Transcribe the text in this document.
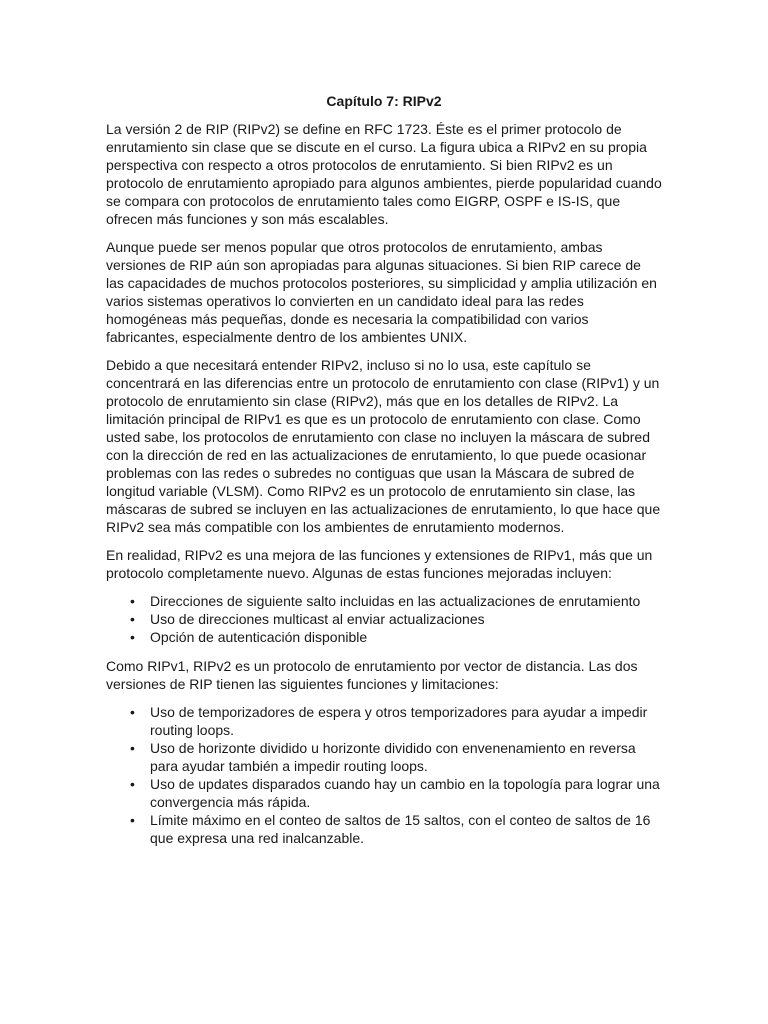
Capítulo 7: RIPv2

La versión 2 de RIP (RIPv2) se define en RFC 1723. Éste es el primer protocolo de enrutamiento sin clase que se discute en el curso. La figura ubica a RIPv2 en su propia perspectiva con respecto a otros protocolos de enrutamiento. Si bien RIPv2 es un protocolo de enrutamiento apropiado para algunos ambientes, pierde popularidad cuando se compara con protocolos de enrutamiento tales como EIGRP, OSPF e IS-IS, que ofrecen más funciones y son más escalables.

Aunque puede ser menos popular que otros protocolos de enrutamiento, ambas versiones de RIP aún son apropiadas para algunas situaciones. Si bien RIP carece de las capacidades de muchos protocolos posteriores, su simplicidad y amplia utilización en varios sistemas operativos lo convierten en un candidato ideal para las redes homogéneas más pequeñas, donde es necesaria la compatibilidad con varios fabricantes, especialmente dentro de los ambientes UNIX.

Debido a que necesitará entender RIPv2, incluso si no lo usa, este capítulo se concentrará en las diferencias entre un protocolo de enrutamiento con clase (RIPv1) y un protocolo de enrutamiento sin clase (RIPv2), más que en los detalles de RIPv2. La limitación principal de RIPv1 es que es un protocolo de enrutamiento con clase. Como usted sabe, los protocolos de enrutamiento con clase no incluyen la máscara de subred con la dirección de red en las actualizaciones de enrutamiento, lo que puede ocasionar problemas con las redes o subredes no contiguas que usan la Máscara de subred de longitud variable (VLSM). Como RIPv2 es un protocolo de enrutamiento sin clase, las máscaras de subred se incluyen en las actualizaciones de enrutamiento, lo que hace que RIPv2 sea más compatible con los ambientes de enrutamiento modernos.

En realidad, RIPv2 es una mejora de las funciones y extensiones de RIPv1, más que un protocolo completamente nuevo. Algunas de estas funciones mejoradas incluyen:

• Direcciones de siguiente salto incluidas en las actualizaciones de enrutamiento
• Uso de direcciones multicast al enviar actualizaciones
• Opción de autenticación disponible

Como RIPv1, RIPv2 es un protocolo de enrutamiento por vector de distancia. Las dos versiones de RIP tienen las siguientes funciones y limitaciones:

• Uso de temporizadores de espera y otros temporizadores para ayudar a impedir routing loops.
• Uso de horizonte dividido u horizonte dividido con envenenamiento en reversa para ayudar también a impedir routing loops.
• Uso de updates disparados cuando hay un cambio en la topología para lograr una convergencia más rápida.
• Límite máximo en el conteo de saltos de 15 saltos, con el conteo de saltos de 16 que expresa una red inalcanzable.
